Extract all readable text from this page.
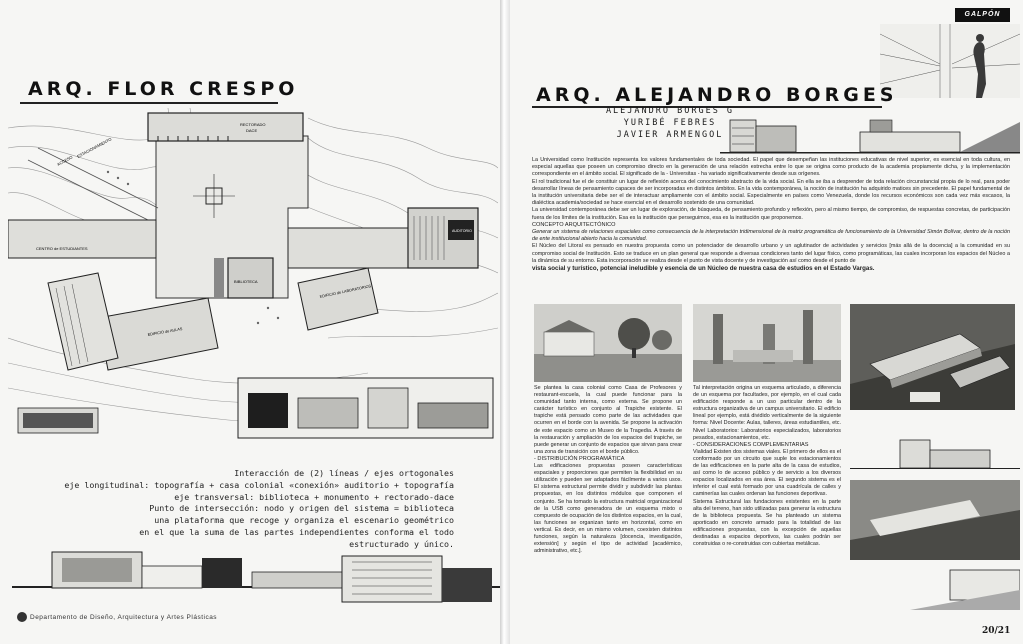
ARQ. FLOR CRESPO
RECTORADO
DACE
ACCESO
ESTACIONAMIENTO
CENTRO de ESTUDIANTES
AUDITORIO
BIBLIOTECA
EDIFICIO de LABORATORIOS
EDIFICIO de AULAS
Interacción de (2) líneas / ejes ortogonales
eje longitudinal: topografía + casa colonial «conexión» auditorio + topografía
eje transversal: biblioteca + monumento + rectorado-dace
Punto de intersección: nodo y origen del sistema = biblioteca
una plataforma que recoge y organiza el escenario geométrico
en el que la suma de las partes independientes conforma el todo
estructurado y único.
Departamento de Diseño, Arquitectura y Artes Plásticas
GALPÓN
ARQ. ALEJANDRO BORGES
ALEJANDRO BORGES G
YURIBÉ FEBRES
JAVIER ARMENGOL

La Universidad como Institución representa los valores fundamentales de toda sociedad. El papel que desempeñan las instituciones educativas de nivel superior, es esencial en toda cultura, en especial aquellas que poseen un compromiso directo en la generación de una relación estrecha entre lo que se origina como producto de la academia propiamente dicha, y la implementación correspondiente en el ámbito social. El significado de la - Universitas - ha variado significativamente desde sus orígenes.

El rol tradicional fue el de constituir un lugar de reflexión acerca del conocimiento abstracto de la vida social. En ella se iba a desprender de toda relación circunstancial propia de lo real, para poder desarrollar líneas de pensamiento capaces de ser incorporadas en distintos ámbitos. En la vida contemporánea, la noción de institución ha adquirido matices sin precedente. El papel fundamental de la institución universitaria debe ser el de interactuar ampliamente con el ámbito social. Especialmente en países como Venezuela, donde los recursos económicos son cada vez más escasos, la dialéctica academia/sociedad se hace esencial en el desarrollo sostenido de una comunidad.

La universidad contemporánea debe ser un lugar de exploración, de búsqueda, de pensamiento profundo y reflexión, pero al mismo tiempo, de compromiso, de respuestas concretas, de participación fuera de los límites de la institución. Esa es la institución que perseguimos, esa es la institución que proponemos.

CONCEPTO ARQUITECTÓNICO

Generar un sistema de relaciones espaciales como consecuencia de la interpretación tridimensional de la matriz programática de funcionamiento de la Universidad Simón Bolívar, dentro de la noción de ente institucional abierto hacia la comunidad.

El Núcleo del Litoral es pensado en nuestra propuesta como un potenciador de desarrollo urbano y un aglutinador de actividades y servicios [más allá de la docencia] a la comunidad en su compromiso social de Institución. Esto se traduce en un plan general que responde a diversas condiciones tanto del lugar físico, como programáticas, las cuales incorporan los espacios del Núcleo a la dinámica de su entorno. Esta incorporación se realiza desde el punto de vista docente y de investigación así como desde el punto de

vista social y turístico, potencial ineludible y esencia de un Núcleo de nuestra casa de estudios en el Estado Vargas.

Se plantea la casa colonial como Casa de Profesores y restaurant-escuela, la cual puede funcionar para la comunidad tanto interna, como externa. Se propone un carácter turístico en conjunto al Trapiche existente. El trapiche está pensado como parte de las actividades que ocurren en el borde con la avenida. Se propone la activación de este espacio como un Museo de la Tragedia. A través de la restauración y ampliación de los espacios del trapiche, se puede generar un conjunto de espacios que sirvan para crear una zona de transición con el borde público.

- DISTRIBUCIÓN PROGRAMÁTICA

Las edificaciones propuestas poseen características espaciales y proporciones que permiten la flexibilidad en su utilización y pueden ser adaptados fácilmente a varios usos. El sistema estructural permite dividir y subdividir las plantas propuestas, en los distintos módulos que componen el conjunto. Se ha tomado la estructura matricial organizacional de la USB como generadora de un esquema mixto o compuesto de ocupación de los distintos espacios, en la cual, las funciones se organizan tanto en horizontal, como en vertical. Es decir, en un mismo volumen, coexisten distintos funciones, según la naturaleza [docencia, investigación, extensión] y según el tipo de actividad [académico, administrativo, etc.].

Tal interpretación origina un esquema articulado, a diferencia de un esquema por facultades, por ejemplo, en el cual cada edificación responde a un uso particular dentro de la estructura organizativa de un campus universitario. El edificio lineal por ejemplo, está dividido verticalmente de la siguiente forma: Nivel Docente: Aulas, talleres, áreas estudiantiles, etc. Nivel Laboratorios: Laboratorios especializados, laboratorios pesados, estacionamientos, etc.

- CONSIDERACIONES COMPLEMENTARIAS

Vialidad Existen dos sistemas viales. El primero de ellos es el conformado por un circuito que suple los estacionamientos de las edificaciones en la parte alta de la casa de estudios, así como lo de acceso público y de servicio a los diversos espacios localizados en esa área. El segundo sistema es el inferior el cual está formado por una cuadrícula de calles y caminerías las cuales ordenan las funciones deportivas.

Sistema Estructural las fundaciones existentes en la parte alta del terreno, han sido utilizadas para generar la estructura de la biblioteca propuesta. Se ha planteado un sistema aporticado en concreto armado para la totalidad de las edificaciones propuestas, con la excepción de aquellas destinadas a espacios deportivos, las cuales podrán ser construidas o re-construidas con cubiertas metálicas.

20/21
